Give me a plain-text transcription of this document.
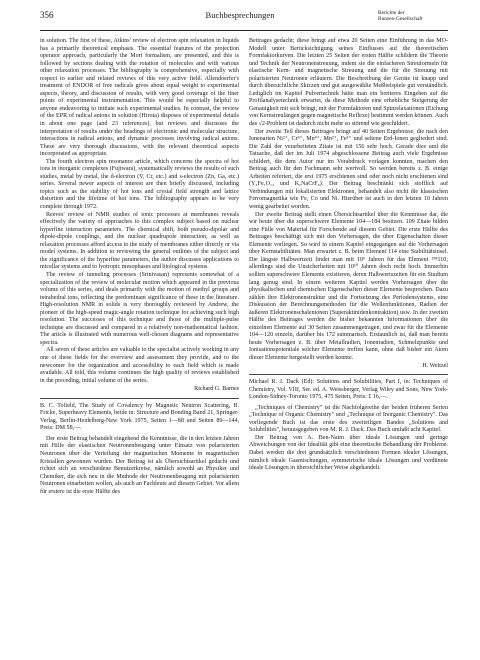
356	Buchbesprechungen	Berichte der
Bunsen-Gesellschaft

in solution. The first of these, Atkins' review of electron spin relaxation in liquids has a primarily theoretical emphasis. The essential features of the projection operator approach, particularly the Mori formalism, are presented, and this is followed by sections dealing with the rotation of molecules and with various other relaxation processes. The bibliography is comprehensive, especially with respect to earlier and related reviews of this very active field. Allendoerfer's treatment of ENDOR of free radicals gives about equal weight to experimental aspects, theory, and discussion of results, with very good coverage of the finer points of experimental instrumentation. This would be especially helpful to anyone endeavoring to initiate such experimental studies. In contrast, the review of the EPR of radical anions in solution (Hirota) disposes of experimental details in about one page (and 23 references), but reviews and discusses the interpretation of results under the headings of electronic and molecular structure, interactions in radical anions, and dynamic processes involving radical anions. These are very thorough discussions, with the relevant theoretical aspects incorporated as appropriate.

The fourth electron spin resonance article, which concerns the spectra of hot ions in inorganic complexes (Fujiwara), systematically reviews the results of such studies, metal by metal, the d-electron (V, Cr, etc.) and s-electron (Zn, Ga, etc.) series. Several newer aspects of interest are then briefly discussed, including topics such as the stability of hot ions and crystal field strength and lattice distortion and the lifetime of hot ions. The bibliography appears to be very complete through 1972.

Reeves' review of NMR studies of ionic processes at membranes reveals effectively the variety of approaches to this complex subject based on nuclear hyperfine interaction parameters. The chemical shift, both pseudo-dipolar and dipole-dipole couplings, and the nuclear quadrupole interaction, as well as relaxation processes afford access to the study of membranes either directly or via model systems. In addition to reviewing the general outlines of the subject and the significance of the hyperfine parameters, the author discusses applications to micellar systems and to lyotropic mesophases and biological systems.

The review of tunneling processes (Srinivasan) represents somewhat of a specialization of the review of molecular motion which appeared in the previous volume of this series, and deals primarily with the motion of methyl groups and tetrahedral ions, reflecting the predominant significance of these in the literature. High-resolution NMR in solids is very thoroughly reviewed by Andrew, the pioneer of the high-speed magic-angle rotation technique for achieving such high resolution. The successes of this technique and those of the multiple-pulse technique are discussed and compared in a relatively non-mathematical fashion. The article is illustrated with numerous well-chosen diagrams and representative spectra.

All seven of these articles are valuable to the specialist actively working in any one of these fields for the overview and assessment they provide, and to the newcomer for the organization and accessibility to each field which is made available. All told, this volume continues the high quality of reviews established in the preceding, initial volume of the series.

Richard G. Barnes

B. C. Tofield, The Study of Covalency by Magnetic Neutron Scattering, B. Fricke, Superheavy Elements, beide in: Structure and Bonding Band 21, Springer-Verlag, Berlin-Heidelberg-New York 1975, Seiten 1—88 und Seiten 89—144, Preis: DM 58,—.

Der erste Beitrag behandelt eingehend die Kenntnisse, die in den letzten Jahren mit Hilfe der elastischen Neutronenbeugung unter Einsatz von polarisierten Neutronen über die Verteilung der magnetischen Momente in magnetischen Kristallen gewonnen wurden. Der Beitrag ist als Übersichtsartikel gedacht und richtet sich an verschiedene Benutzerkreise, nämlich sowohl an Physiker und Chemiker, die sich neu in die Methode der Neutronenbeugung mit polarisierten Neutronen einarbeiten wollen, als auch an Fachleute auf diesem Gebiet. Vor allem für erstere ist die erste Hälfte des

Beitrages gedacht; diese bringt auf etwa 20 Seiten eine Einführung in das MO-Modell unter Berücksichtigung seines Einflusses auf die theoretischen Formfaktorkurven. Die letzten 25 Seiten der ersten Hälfte schildern die Theorie und Technik der Neutronenstreuung, indem sie die einfacheren Streuformeln für elastische Kern- und magnetische Streuung und die für die Streuung mit polarisierten Neutronen erläutern. Die Beschreibung der Geräte ist knapp und durch übersichtliche Skizzen und gut ausgewählte Meßbeispiele gut verständlich. Lediglich im Kapitel Pulvertechnik hätte man ein breiteres Eingehen auf die Profilanalysetechnik erwartet, da diese Methode eine erhebliche Steigerung der Genauigkeit mit sich bringt, mit der Formfaktoren und Spinrelaxationen (Eichung von Kernstreulängen gegen magnetische Reflexe) bestimmt werden können. Auch das √2-Problem ist dadurch nicht mehr so störend wie geschildert.

Der zweite Teil dieses Beitrages bringt auf 40 Seiten Ergebnisse, die nach den Ionenarten Ni²⁺, Cr³⁺, Mn⁴⁺, Mn²⁺, Fe³⁺ und seltene Erd-Ionen gegliedert sind. Die Zahl der verarbeiteten Zitate ist mit 156 sehr hoch. Gerade dies und die Tatsache, daß der im Juli 1974 abgeschlossene Beitrag auch viele Ergebnisse schildert, die dem Autor nur im Vorabdruck vorlagen konnten, machen den Beitrag auch für den Fachmann sehr wertvoll. So werden bereits z. B. einige Arbeiten referiert, die erst 1975 erschienen sind oder noch nicht erschienen sind (Y₃Fe₅O₁₂ und K₂NaCrF₆). Der Beitrag beschränkt sich stofflich auf Verbindungen mit lokalisierten Elektronen, behandelt also nicht die klassischen Ferromagnetika wie Fe, Co und Ni. Hierüber ist auch in den letzten 10 Jahren wenig gearbeitet worden.

Der zweite Beitrag stellt einen Übersichtsartikel über die Kenntnisse dar, die wir heute über die superschwere Elemente 104—184 besitzen. 109 Zitate bilden eine Fülle von Material für Forschende auf diesem Gebiet. Die erste Hälfte des Beitrages beschäftigt sich mit den Vorhersagen, die über Eigenschaften dieser Elemente vorliegen. So wird in einem Kapitel eingegangen auf die Vorhersagen über Kernstabilitäten. Man erwartet z. B. beim Element 114 eine Stabilitätsinsel. Die längste Halbwertzeit findet man mit 10⁵ Jahren für das Element ²⁹⁸110; allerdings sind die Unsicherheiten mit 10¹⁰ Jahren doch recht hoch. Immerhin sollten superschwere Elemente existieren, deren Halbwertszeiten für ein Studium lang genug sind. In einem weiteren Kapitel werden Vorhersagen über die physikalischen und chemischen Eigenschaften dieser Elemente besprochen. Dazu zählen ihre Elektronenstruktur und die Fortsetzung des Periodensystems, eine Diskussion der Berechnungsmethoden für die Wellenfunktionen, Radien der äußeren Elektronenschalenionen (Superaktinidenkontraktion) usw. In der zweiten Hälfte des Beitrages werden die bisher bekannten Informationen über die einzelnen Elemente auf 30 Seiten zusammengetragen, und zwar für die Elemente 104—120 einzeln, darüber bis 172 summarisch. Erstaunlich ist, daß man bereits heute Vorhersagen z. B. über Metallradien, Ionenradien, Schmelzpunkte und Ionisationspotentiale solcher Elemente treffen kann, ohne daß bisher ein Atom dieser Elemente hergestellt werden konnte.

H. Weitzel

Michael R. J. Dack (Ed): Solutions and Solubilities, Part I, in: Techniques of Chemistry, Vol. VIII, Ser. ed. A. Weissberger, Verlag Wiley and Sons, New York-London-Sidney-Toronto 1975, 475 Seiten, Preis: £ 16,—.

„Techniques of Chemistry" ist die Nachfolgereihe der beiden früheren Serien „Technique of Organic Chemistry" und „Technique of Inorganic Chemistry". Das vorliegende Buch ist das erste des zweiteiligen Bandes „Solutions and Solubilities", herausgegeben von M. R. J. Dack. Das Buch umfaßt acht Kapitel.

Der Beitrag von A. Ben-Naim über ideale Lösungen und geringe Abweichungen von der Idealität gibt eine theoretische Behandlung der Probleme. Dabei werden die drei grundsätzlich verschiedenen Formen idealer Lösungen, nämlich ideale Gasmischungen, symmetrische ideale Lösungen und verdünnte ideale Lösungen in übersichtlicher Weise abgehandelt.
